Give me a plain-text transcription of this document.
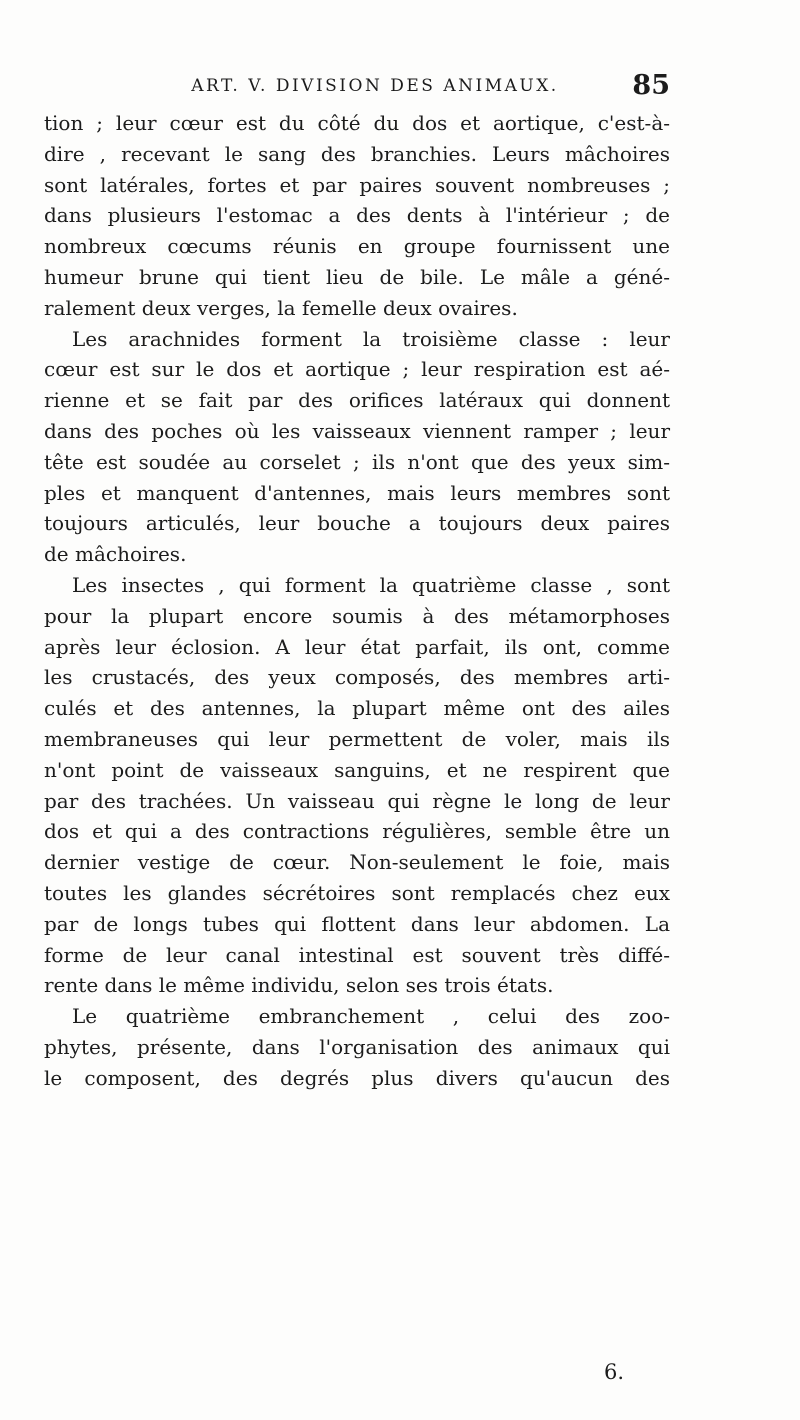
ART. V. DIVISION DES ANIMAUX.	85
tion ; leur cœur est du côté du dos et aortique, c'est-à-
dire , recevant le sang des branchies. Leurs mâchoires
sont latérales, fortes et par paires souvent nombreuses ;
dans plusieurs l'estomac a des dents à l'intérieur ; de
nombreux cœcums réunis en groupe fournissent une
humeur brune qui tient lieu de bile. Le mâle a géné-
ralement deux verges, la femelle deux ovaires.
Les arachnides forment la troisième classe : leur
cœur est sur le dos et aortique ; leur respiration est aé-
rienne et se fait par des orifices latéraux qui donnent
dans des poches où les vaisseaux viennent ramper ; leur
tête est soudée au corselet ; ils n'ont que des yeux sim-
ples et manquent d'antennes, mais leurs membres sont
toujours articulés, leur bouche a toujours deux paires
de mâchoires.
Les insectes , qui forment la quatrième classe , sont
pour la plupart encore soumis à des métamorphoses
après leur éclosion. A leur état parfait, ils ont, comme
les crustacés, des yeux composés, des membres arti-
culés et des antennes, la plupart même ont des ailes
membraneuses qui leur permettent de voler, mais ils
n'ont point de vaisseaux sanguins, et ne respirent que
par des trachées. Un vaisseau qui règne le long de leur
dos et qui a des contractions régulières, semble être un
dernier vestige de cœur. Non-seulement le foie, mais
toutes les glandes sécrétoires sont remplacés chez eux
par de longs tubes qui flottent dans leur abdomen. La
forme de leur canal intestinal est souvent très diffé-
rente dans le même individu, selon ses trois états.
Le quatrième embranchement , celui des zoo-
phytes, présente, dans l'organisation des animaux qui
le composent, des degrés plus divers qu'aucun des
6.
